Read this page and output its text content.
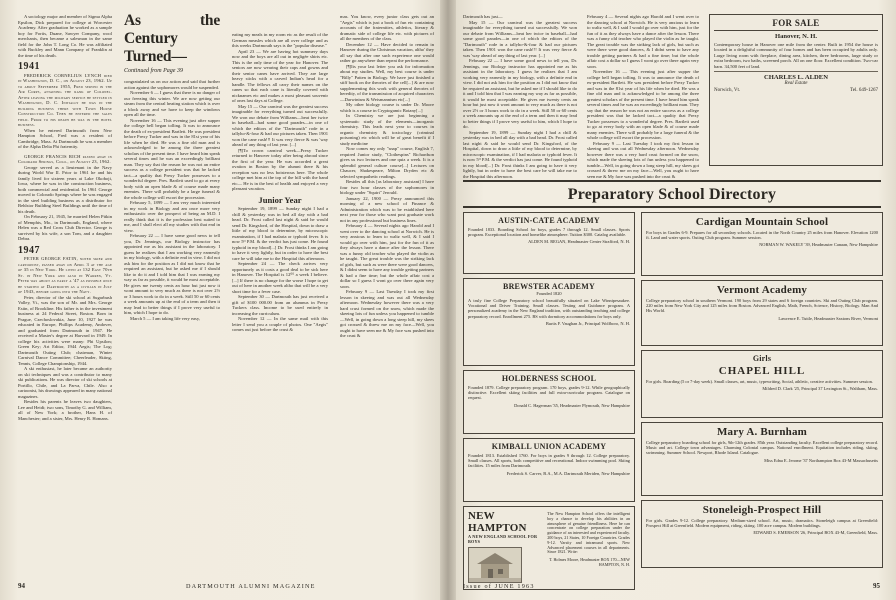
A sociology major and member of Sigma Alpha Epsilon, Dick prepared for college at Worcester Academy. After graduation he worked as a sample boy for Fortis, Duane, Sawyer Company, wool merchants, then became a salesman in the same field for the John T. Long Co. He was affiliated with Buckley and Mann Company of Franklin at the time of his death.

1941

FREDERICK CORNELIUS LYNCH died in Washington, D. C., on August 23, 1962. Up to about September 1955, Fred served in the Air Corps, attaining the rank of Colonel. After leaving the military service he settled in Washington, D. C. Initially he was in the building business there with Town House Construction Co. Then he entered the sales field. Prior to his death he was in the hotel business.

When he entered Dartmouth from New Hampton School, Fred was a resident of Cambridge, Mass. At Dartmouth he was a member of the Alpha Delta Phi fraternity.

GEORGE FRANCIS RICH passed away in Colorado Springs, Colo., on August 23, 1962.

George served as a lieutenant in the Navy during World War II. Prior to 1961 he and his family lived for sixteen years at Lake Okoboji, Iowa, where he was in the construction business, both commercial and residential. In 1961 George moved to Colorado Springs where he was engaged in the steel building business as a distributor for Behlstor Building Steel Buildings until the time of his death.

On February 21, 1945, he married Helen Pitkin of Memphis, Mo., in Dartmouth, England, where Helen was a Red Cross Club Director. George is survived by his wife, a son Tom, and a daughter Debra.

1947

PETER GEORGE FATIN, noted skier and cartoonist, passed away on April 3 at the age of 35 in New York. He lived at 132 East 70th St. in New York and also in Warren, Vt. Peter was about as early a '47 as possible once he started at Dartmouth as a civilian in July of 1943, before going into the Navy.

Peter, director of the ski school at Sugarbush Valley, Vt., was the son of Mr. and Mrs. George Estin, of Brookline. His father is in the investment business at 24 Federal Street, Boston. Born in Prague, Czechoslovakia, June 10, 1927 he was educated in Europe, Phillips Academy, Andover, and graduated from Dartmouth in 1947. He received a Master's degree at Harvard in 1949. In college his activities were many: Phi Upsilon; Green Key; Art Editor, 1944 Aegis; The Log; Dartmouth Outing Club; chairman, Winter Carnival Dance Committee; Cheerleader, Skiing, Tennis, College Championship, 1944.

A ski enthusiast, he later became an authority on ski techniques and was a contributor to many ski publications. He was director of ski schools at Portillo, Chile, and La Parva, Chile. Also a cartoonist, his drawings appeared in many national magazines.

Besides his parents he leaves two daughters, Lee and Heidi; two sons, Timothy G. and William, all of New York; a brother, Hans H. of Manchester; and a sister, Mrs. Henry R. Homans.

As the Century Turned—

Continued from Page 39

congratulated us on our action and said that further action against the sophomores would be suspended.

November 6 — I guess that there is no danger of our freezing this winter. We are now getting our steam from the central heating station which is over a block away and we have to keep the windows open all the time.

November 16 — This evening just after supper the college bell began tolling. It was to announce the death of ex-president Bartlett. He was president before Prexy Tucker and was in the 81st year of his life when he died. He was a fine old man and is acknowledged to be among the three greatest scholars of the present time. I have heard him speak several times and he was an exceedingly brilliant man. They say that the reason he was not an entire success as a college president was that he lacked tact—a quality that Prexy Tucker possesses to a wonderful degree. Pres. Bartlett used to go at every body with an open blade & of course made many enemies. There will probably be a large funeral & the whole college will escort the procession.

February 5, 1899 — I am very much interested in my work in Biology and am once more very enthusiastic over the prospect of being an M.D. I really think that it is the profession best suited to me, and I shall elect all my studies with that end in view.

February 22 — I have some good news to tell you, Dr. Jennings, our Biology instructor has appointed me as his assistant in the laboratory. I guess he realizes that I am working very earnestly in my biology, with a definite end in view. I did not ask him for the position as I did not know that he required an assistant, but he asked me if I should like to do it and I told him that I was earning my way as far as possible, it would be most acceptable. He gives me twenty cents an hour but just now it wont amount to very much as there is not over 2½ or 3 hours work to do in a week. Still 50 or 60 cents a week amounts up at the end of a term and then it may lead to better things if I prove very useful to him, which I hope to do.

March 5 — I am taking life very easy,

eating my meals in my room etc as the result of the German measles which are all over college and as this weeks Dartmouth says is the "popular disease."

April 23 — We are having hot summery days now and the boys are all out in negligée shirts etc. This is the only time of the year for Hanover. The seniors are now wearing their caps and gowns and their senior canes have arrived. They are large heavy sticks with a carved Indian's head for a handle. The fellows all carry their names on the canes so that each cane is literally covered with nicknames etc and makes a most pleasant souvenir of ones last days at College.

May 15 — Our carnival was the greatest success imaginable for everything turned out successfully. We won our debate from Williams—beat her twice in baseball—had some good parades—in one of which the editors of the "Dartmouth" rode in a tallyho-&-four & had our pictures taken. Then 1901 won the cane rush!!! It was very fierce & was 'way ahead of any thing of last year. [...]

[¶]To crown carnival week—Prexy Tucker returned to Hanover today after being abroad since the first of the year. He was accorded a great ovation in Boston by the alumni there & his reception was no less boisterous here. The whole college met him at the top of the hill with the band etc— He is in the best of health and enjoyed a very pleasant vacation.

Junior Year

September 19, 1899 — Sunday night I had a chill & yesterday was in bed all day with a bad head. Dr. Frost called last night & said he would send Dr. Kingsford, of the Hospital, down to draw a little of my blood to determine, by microscopic examination, if I had malaria or typhoid fever. It is now 5ᴴ P.M. & the verdict has just come. He found typhoid in my blood[...] Dr. Frost thinks I am going to have it very lightly, but in order to have the best care he will take me to the Hospital this afternoon.

September 24 — The check arrives very opportunely as it costs a good deal to be sick here in Hanover. The Hospital is 12⁰⁰ a week I believe.[...] If there is no change for the worse I hope to get out of here in another week altho that will be a very short time for a fever case.

September 30 — Dartmouth has just received a gift of $100 000.00 from an alumnus in Prexy Tuckers class. Income to be used entirely in increasing the curriculum.

November 12 — In the same mail with this letter I send you a couple of photos. One "Aegis" comes out just before the crust &

mas. You know, every junior class gets out an "Aegis" which is just a book of fun etc containing accounts of the fraternities, athletics, literary & dramatic side of college life etc. with pictures of all the members of the class.

December 12 — Have decided to remain in Hanover during the Christmas vacation, altho' they all say that after one such experience one would rather go anywhere than repeat the performance.

[¶]Its your last letter you ask for information about my studies. Well, my best course is under "Billy" Patten in Biology. We have just finished a stiff book on the theories of the cell[...] & are now supplementing this work with general theories of heredity, of the transmission of acquired characters—Darwinism & Weismannism etc[...]

My other biology course is under Dr. Moore which is a course in Cryptogamic Botany[...]

In Chemistry we are just beginning a systematic study of the elements—inorganic chemistry. This leads next year to courses in organic chemistry & toxicology (criminal poisoning) etc which will be of great benefit if I study medicine

Now comes my only "snap" course, English 7, required Junior study, "Clothespins" Richardson gives us two lectures and one quiz a week. It is a splendid general culture course[...] Lectures on Chaucer, Shakespeare, Milton Dryden etc & selected sympathetic readings.

Besides all this [as laboratory assistant] I have four two hour classes of the sophomores in biology under "Squirt" Jerould.

January 22, 1900 — Prexy announced this morning of a new school of Finance & Administration which was to be established here next year for those who want post graduate work not in any professional but business lines.

February 4 — Several nights ago Harold and I went over to the dancing school at Norwich. He is very anxious to learn to waltz well, & I said I would go over with him, just for the fun of it as they always have a dance after the lesson. There was a funny old teacher who played the violin as he taught. The great trouble was the striking lack of girls, but such as were there were good dancers, & I didnt seem to have any trouble getting partners & had a fine time; but the whole affair cost a dollar so I guess I wont go over there again very soon.

February 9 — Last Tuesday I took my first lesson in skeeing and was out all Wednesday afternoon. Wednesday however there was a very hard crust formed on the snow, which made the skeeing lots of fun unless you happened to tumble—Well, in going down a long steep hill, my skees got crossed & threw me on my face—Well, you ought to have seen me & My face was pushed into the crust &

94	DARTMOUTH ALUMNI MAGAZINE
FOR SALE
Hanover, N. H.

Contemporary house in Hanover one mile from the center. Built in 1954 the house is located in a delightful community of four homes and has been occupied by adults only. Large living room with fireplace, dining area, kitchen, three bedrooms, large study or extra bedroom, two baths, screened porch. All on one floor. Excellent condition. Two-car barn. 34,500 feet of land.

CHARLES L. ALDEN
Real Estate
Norwich, Vt.	Tel. 649-1267

Dartmouth has just—

May 15 — Our carnival was the greatest success imaginable for everything turned out successfully. We won our debate from Williams—beat her twice in baseball—had some good parades—in one of which the editors of the "Dartmouth" rode in a tallyho-&-four & had our pictures taken. Then 1901 won the cane rush!!! It was very fierce & was 'way ahead of any thing of last year. [...]

February 22 — I have some good news to tell you, Dr. Jennings, our Biology instructor has appointed me as his assistant in the laboratory. I guess he realizes that I am working very earnestly in my biology, with a definite end in view. I did not ask him for the position as I did not know that he required an assistant, but he asked me if I should like to do it and I told him that I was earning my way as far as possible, it would be most acceptable. He gives me twenty cents an hour but just now it wont amount to very much as there is not over 2½ or 3 hours work to do in a week. Still 50 or 60 cents a week amounts up at the end of a term and then it may lead to better things if I prove very useful to him, which I hope to do.

September 19, 1899 — Sunday night I had a chill & yesterday was in bed all day with a bad head. Dr. Frost called last night & said he would send Dr. Kingsford, of the Hospital, down to draw a little of my blood to determine, by microscopic examination, if I had malaria or typhoid fever. It is now 5ᴴ P.M. & the verdict has just come. He found typhoid in my blood[...] Dr. Frost thinks I am going to have it very lightly, but in order to have the best care he will take me to the Hospital this afternoon.

February 4 — Several nights ago Harold and I went over to the dancing school at Norwich. He is very anxious to learn to waltz well, & I said I would go over with him, just for the fun of it as they always have a dance after the lesson. There was a funny old teacher who played the violin as he taught. The great trouble was the striking lack of girls, but such as were there were good dancers, & I didnt seem to have any trouble getting partners & had a fine time; but the whole affair cost a dollar so I guess I wont go over there again very soon.

November 16 — This evening just after supper the college bell began tolling. It was to announce the death of ex-president Bartlett. He was president before Prexy Tucker and was in the 81st year of his life when he died. He was a fine old man and is acknowledged to be among the three greatest scholars of the present time. I have heard him speak several times and he was an exceedingly brilliant man. They say that the reason he was not an entire success as a college president was that he lacked tact—a quality that Prexy Tucker possesses to a wonderful degree. Pres. Bartlett used to go at every body with an open blade & of course made many enemies. There will probably be a large funeral & the whole college will escort the procession.

February 9 — Last Tuesday I took my first lesson in skeeing and was out all Wednesday afternoon. Wednesday however there was a very hard crust formed on the snow, which made the skeeing lots of fun unless you happened to tumble—Well, in going down a long steep hill, my skees got crossed & threw me on my face—Well, you ought to have seen me & My face was pushed into the crust &

Preparatory School Directory
AUSTIN-CATE ACADEMY
Founded 1833. Boarding School for boys, grades 7 through 12. Small classes. Sports program. Exceptional location and homelike atmosphere. Tuition $300. Catalog available.
ALDEN M. REGAN, Headmaster Center Strafford, N. H.
BREWSTER ACADEMY
Founded 1820
A truly fine College Preparatory school beautifully situated on Lake Winnipesaukee. Vocational and Driver Training. Small classes. Testing and Guidance program. A personalized academy in the New England tradition, with outstanding teaching and college preparatory record. Enrollment 275. BS with dormitory accommodations for boys only.
Burtis F. Vaughan Jr., Principal Wolfboro, N. H.
HOLDERNESS SCHOOL
Founded 1879. College preparatory program. 170 boys, grades 9-12. While geographically distinctive. Excellent skiing facilities and full extra-curricular program. Catalogue on request.
Donald C. Hagerman '35, Headmaster Plymouth, New Hampshire
KIMBALL UNION ACADEMY
Founded 1813. Established 1760. For boys in grades 9 through 12. College preparatory. Small classes. All sports, both competitive and recreational. Indoor swimming pool. Skiing facilities. 15 miles from Dartmouth.
Frederick S. Carver, B.A., M.A. Dartmouth Meriden, New Hampshire
NEW HAMPTON
A NEW ENGLAND SCHOOL FOR BOYS
The New Hampton School offers the intelligent boy a chance to develop his abilities in an atmosphere of genuine friendliness. Here he can concentrate on college preparation under the guidance of an interested and experienced faculty. 200 boys, 21 States, 10 Foreign Countries. Grades 9-12. Varsity and intramural sports. New Advanced placement courses in all departments. Since 1821. Write:
T. Holmes Moore, Headmaster BOX 170—NEW HAMPTON, N. H.
Cardigan Mountain School
For boys in Grades 6-9. Prepares for all secondary schools. Located in the North Country 25 miles from Hanover. Elevation 1200 ft. Land and water sports. Outing Club program. Summer session.
NORMAN W. WAKELY '39, Headmaster Canaan, New Hampshire
Vermont Academy
College preparatory school in southern Vermont. 190 boys from 29 states and 6 foreign countries. Ski and Outing Club program. 220 miles from New York City and 125 miles from Boston. Advanced English, Math, French, Science, History, Biology. Man And His World.
Lawrence E. Tuttle, Headmaster Saxtons River, Vermont
Girls
CHAPEL HILL
For girls. Boarding (5 or 7-day week). Small classes, art, music, typewriting, Social, athletic, creative activities. Summer session.
Mildred D. Clark '25, Principal 37 Lexington St., Waltham, Mass.
Mary A. Burnham
College preparatory boarding school for girls, 9th-12th grades. 85th year. Outstanding faculty. Excellent college preparatory record. Music and art. College town advantages. Charming Colonial campus. National enrollment. Equitation includes riding, skiing, swimming. Summer School. Newport, Rhode Island. Catalogue.
Miss Edna E. Jerome '37 Northampton Box 43-M Massachusetts
Stoneleigh-Prospect Hill
For girls. Grades 9-12. College preparatory. Medium-sized school. Art, music, dramatics. Stoneleigh campus at Greenfield: Prospect Hill at Greenfield. Modern equipment, riding, skiing. 100 acre campus. Modern buildings.
EDWARD S. EMERSON '26, Principal BOX 43-M, Greenfield, Mass.
Issue of JUNE 1963	95
